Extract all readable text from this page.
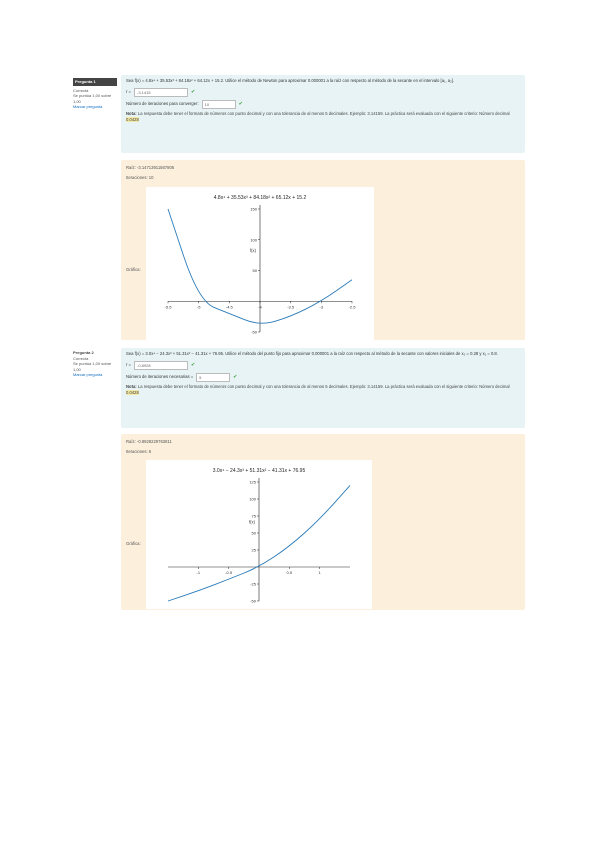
Pregunta 1
Correcta
Se puntúa 1,00 sobre 1,00
Marcar pregunta
Sea f(x) = 4.8x⁴ + 35.53x³ + 84.18x² + 64.12x + 15.2. Utilice el método de Newton para aproximar 0.000001 a la raíz con respecto al método de la secante en el intervalo [a₁, a₂].
r =	-3.1415	✔
Número de iteraciones para converger:	10	✔
Nota: La respuesta debe tener el formato de números con punto decimal y con una tolerancia de al menos 5 decimales. Ejemplo: 3.14159. La práctica será evaluada con el siguiente criterio: Número decimal 0.0428
Raíz: -3.14713911567806
Iteraciones: 10
Gráfica:
4.8x⁴ + 35.53x³ + 84.18x² + 65.12x + 15.2
f(x)
-5.5	-5	-4.5	-4	-3.5	-3	-2.5
-50
50
100
150
Pregunta 2
Correcta
Se puntúa 1,00 sobre 1,00
Marcar pregunta
Sea f(x) = 3.0x⁴ − 24.3x³ + 51.31x² − 41.31x + 76.95. Utilice el método del punto fijo para aproximar 0.000001 a la raíz con respecto al método de la secante con valores iniciales de x₀ = 0.28 y x₁ = 0.8.
r =	-0.8928	✔
Número de iteraciones necesarias =	5	✔
Nota: La respuesta debe tener el formato de números con punto decimal y con una tolerancia de al menos 5 decimales. Ejemplo: 3.14159. La práctica será evaluada con el siguiente criterio: Número decimal 0.0428
Raíz: -0.8928229763811
Iteraciones: 6
Gráfica:
3.0x⁴ − 24.3x³ + 51.31x² − 41.31x + 76.95
f(x)
-1	-0.5	0.5	1
-50
-25
25
50
75
100
125
